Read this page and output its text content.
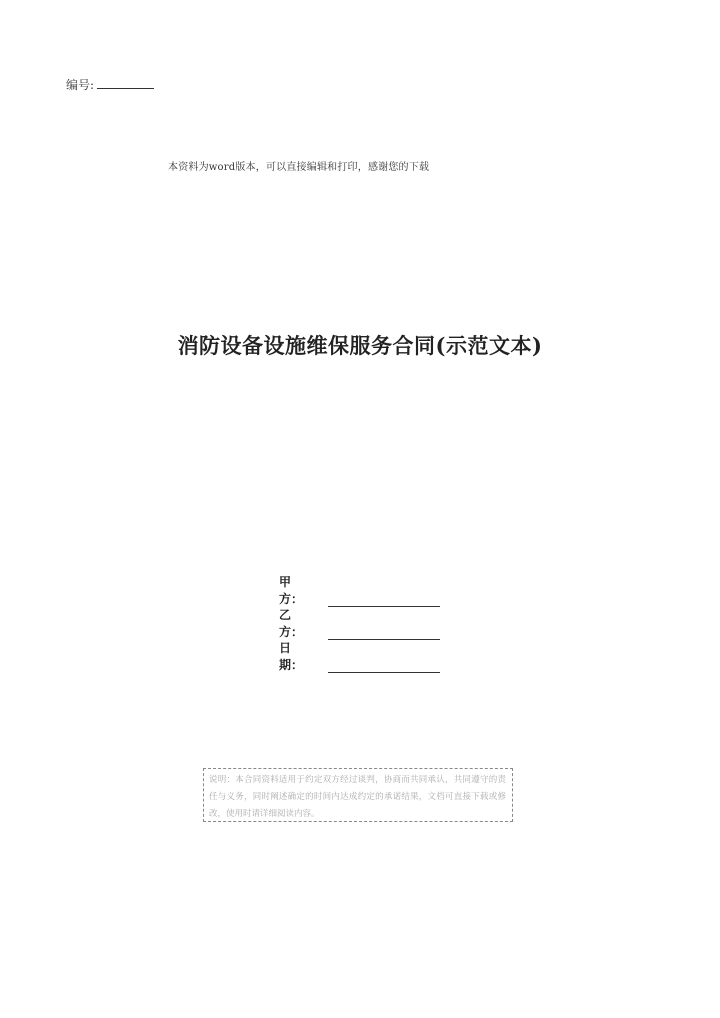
编号:
本资料为word版本，可以直接编辑和打印，感谢您的下载
消防设备设施维保服务合同(示范文本)
甲方：
乙方：
日期：
说明：本合同资料适用于约定双方经过谈判，协商而共同承认，共同遵守的责任与义务，同时阐述确定的时间内达成约定的承诺结果，文档可直接下载或修改，使用时请详细阅读内容。
